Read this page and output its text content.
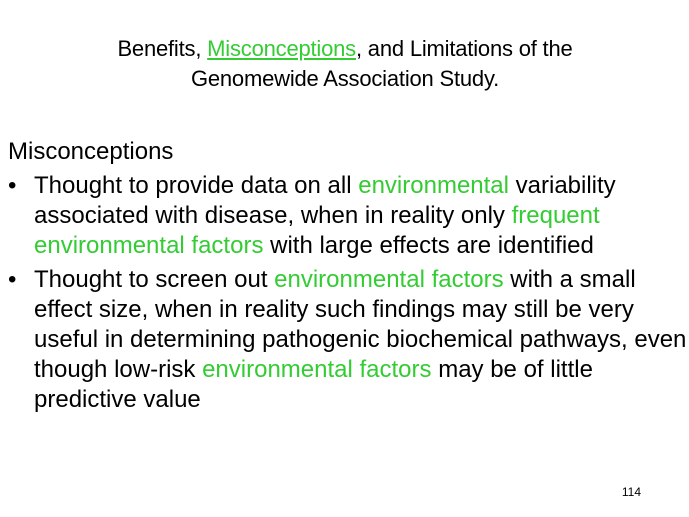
Benefits, Misconceptions, and Limitations of the
Genomewide Association Study.
Misconceptions
• Thought to provide data on all environmental variability associated with disease, when in reality only frequent environmental factors with large effects are identified
• Thought to screen out environmental factors with a small effect size, when in reality such findings may still be very useful in determining pathogenic biochemical pathways, even though low-risk environmental factors may be of little predictive value
114
